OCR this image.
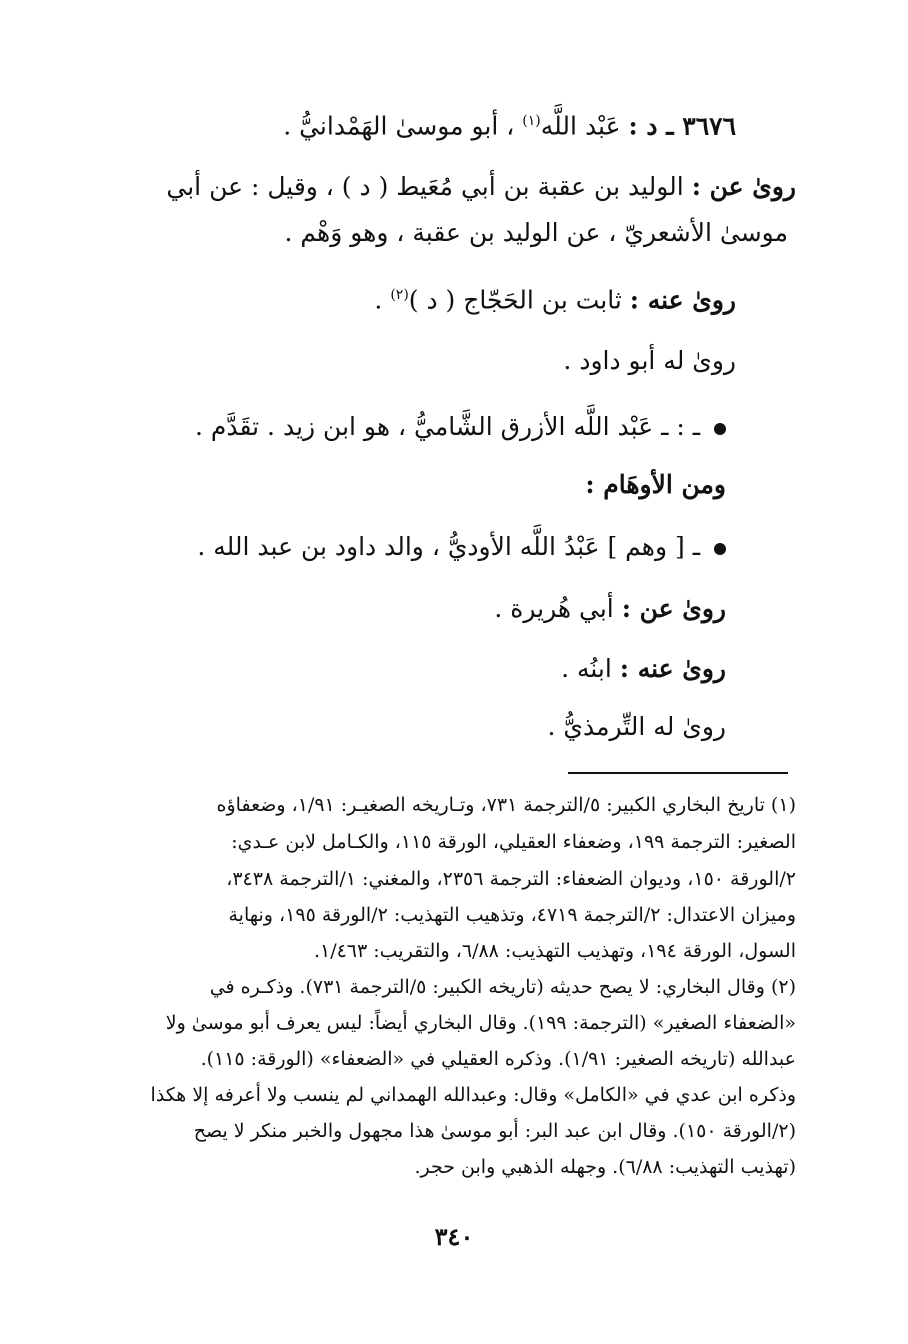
٣٦٧٦ ـ د : عَبْد اللَّه$^{(١)}$ ، أبو موسىٰ الهَمْدانيُّ .
روىٰ عن : الوليد بن عقبة بن أبي مُعَيط ( د ) ، وقيل : عن أبي
موسىٰ الأشعريّ ، عن الوليد بن عقبة ، وهو وَهْم .
روىٰ عنه : ثابت بن الحَجّاج ( د )$^{(٢)}$ .
روىٰ له أبو داود .
ـ : ـ عَبْد اللَّه الأزرق الشَّاميُّ ، هو ابن زيد . تقَدَّم .
ومن الأوهَام :
ـ [ وهم ] عَبْدُ اللَّه الأوديُّ ، والد داود بن عبد الله .
روىٰ عن : أبي هُريرة .
روىٰ عنه : ابنُه .
روىٰ له التِّرمذيُّ .
(١) تاريخ البخاري الكبير: ٥/الترجمة ٧٣١، وتـاريخه الصغيـر: ١/٩١، وضعفاؤه
الصغير: الترجمة ١٩٩، وضعفاء العقيلي، الورقة ١١٥، والكـامل لابن عـدي:
٢/الورقة ١٥٠، وديوان الضعفاء: الترجمة ٢٣٥٦، والمغني: ١/الترجمة ٣٤٣٨،
وميزان الاعتدال: ٢/الترجمة ٤٧١٩، وتذهيب التهذيب: ٢/الورقة ١٩٥، ونهاية
السول، الورقة ١٩٤، وتهذيب التهذيب: ٦/٨٨، والتقريب: ١/٤٦٣.
(٢) وقال البخاري: لا يصح حديثه (تاريخه الكبير: ٥/الترجمة ٧٣١). وذكـره في
«الضعفاء الصغير» (الترجمة: ١٩٩). وقال البخاري أيضاً: ليس يعرف أبو موسىٰ ولا
عبدالله (تاريخه الصغير: ١/٩١). وذكره العقيلي في «الضعفاء» (الورقة: ١١٥).
وذكره ابن عدي في «الكامل» وقال: وعبدالله الهمداني لم ينسب ولا أعرفه إلا هكذا
(٢/الورقة ١٥٠). وقال ابن عبد البر: أبو موسىٰ هذا مجهول والخبر منكر لا يصح
(تهذيب التهذيب: ٦/٨٨). وجهله الذهبي وابن حجر.
٣٤٠
